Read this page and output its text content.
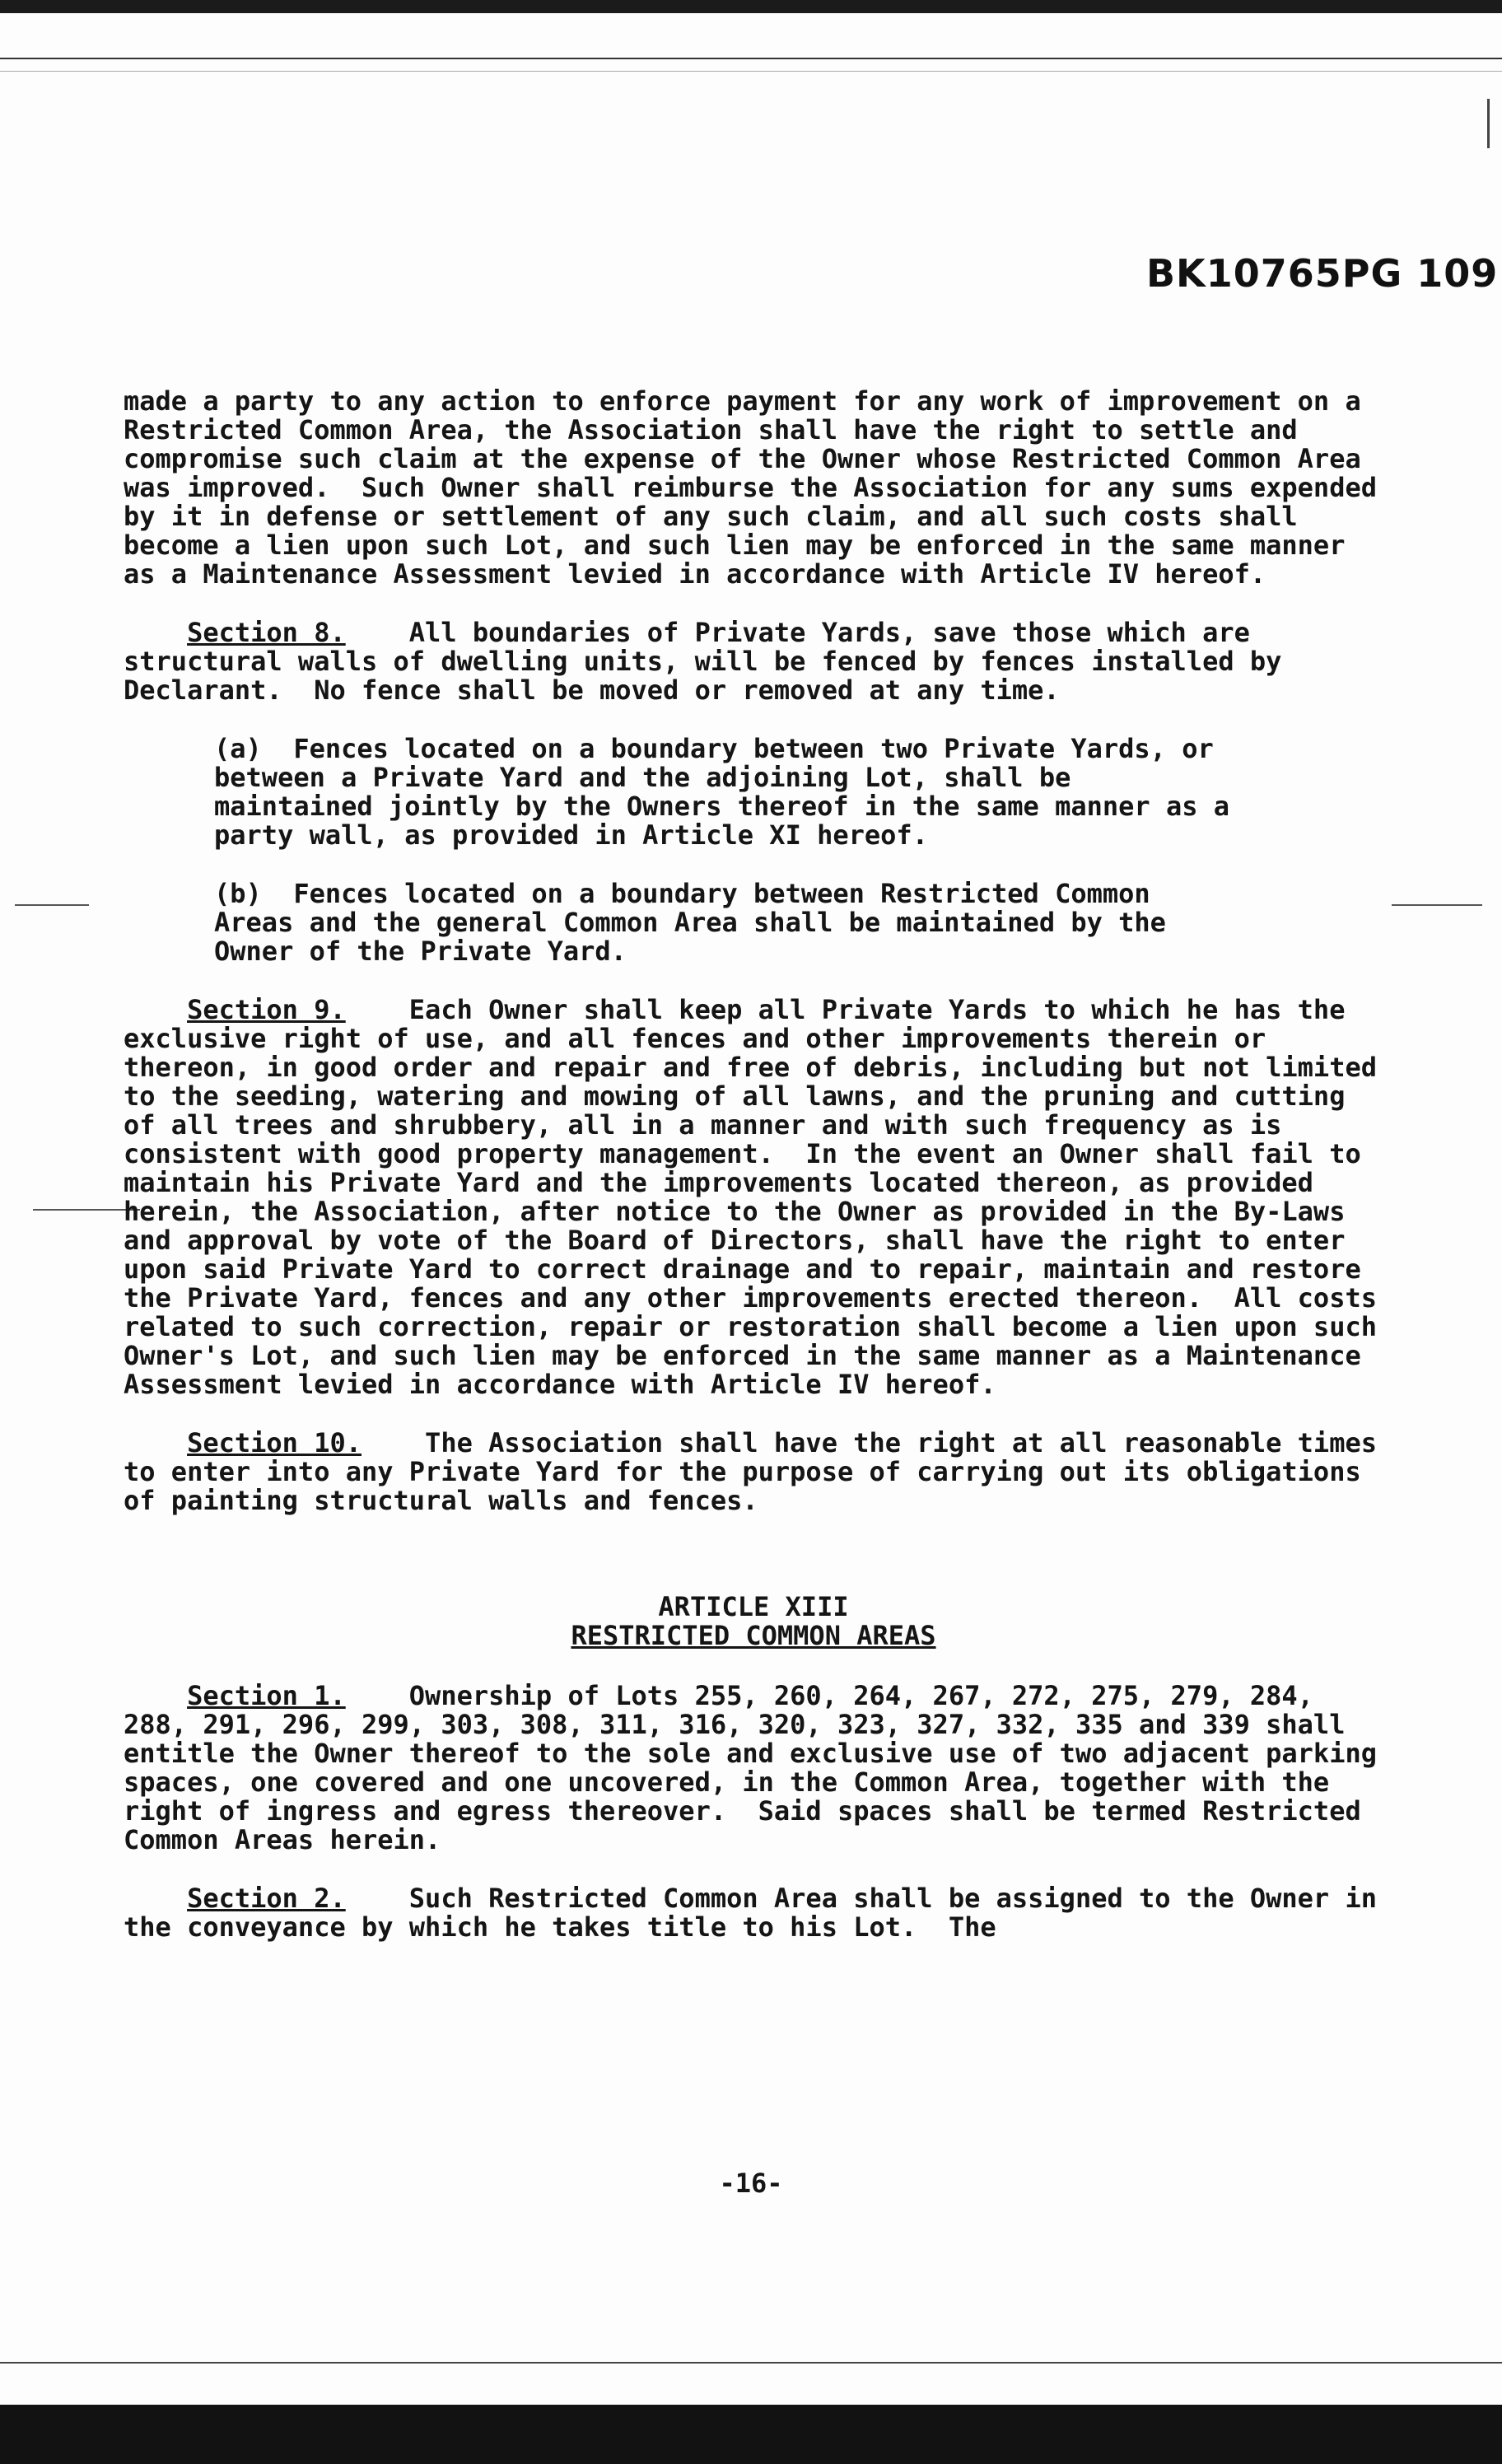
BK10765PG 109

made a party to any action to enforce payment for any work of improvement on a Restricted Common Area, the Association shall have the right to settle and compromise such claim at the expense of the Owner whose Restricted Common Area was improved.  Such Owner shall reimburse the Association for any sums expended by it in defense or settlement of any such claim, and all such costs shall become a lien upon such Lot, and such lien may be enforced in the same manner as a Maintenance Assessment levied in accordance with Article IV hereof.

Section 8. All boundaries of Private Yards, save those which are structural walls of dwelling units, will be fenced by fences installed by Declarant.  No fence shall be moved or removed at any time.

(a)  Fences located on a boundary between two Private Yards, or between a Private Yard and the adjoining Lot, shall be maintained jointly by the Owners thereof in the same manner as a party wall, as provided in Article XI hereof.

(b)  Fences located on a boundary between Restricted Common Areas and the general Common Area shall be maintained by the Owner of the Private Yard.

Section 9. Each Owner shall keep all Private Yards to which he has the exclusive right of use, and all fences and other improvements therein or thereon, in good order and repair and free of debris, including but not limited to the seeding, watering and mowing of all lawns, and the pruning and cutting of all trees and shrubbery, all in a manner and with such frequency as is consistent with good property management.  In the event an Owner shall fail to maintain his Private Yard and the improvements located thereon, as provided herein, the Association, after notice to the Owner as provided in the By-Laws and approval by vote of the Board of Directors, shall have the right to enter upon said Private Yard to correct drainage and to repair, maintain and restore the Private Yard, fences and any other improvements erected thereon.  All costs related to such correction, repair or restoration shall become a lien upon such Owner's Lot, and such lien may be enforced in the same manner as a Maintenance Assessment levied in accordance with Article IV hereof.

Section 10. The Association shall have the right at all reasonable times to enter into any Private Yard for the purpose of carrying out its obligations of painting structural walls and fences.

ARTICLE XIII
RESTRICTED COMMON AREAS

Section 1. Ownership of Lots 255, 260, 264, 267, 272, 275, 279, 284, 288, 291, 296, 299, 303, 308, 311, 316, 320, 323, 327, 332, 335 and 339 shall entitle the Owner thereof to the sole and exclusive use of two adjacent parking spaces, one covered and one uncovered, in the Common Area, together with the right of ingress and egress thereover.  Said spaces shall be termed Restricted Common Areas herein.

Section 2. Such Restricted Common Area shall be assigned to the Owner in the conveyance by which he takes title to his Lot.  The

-16-
